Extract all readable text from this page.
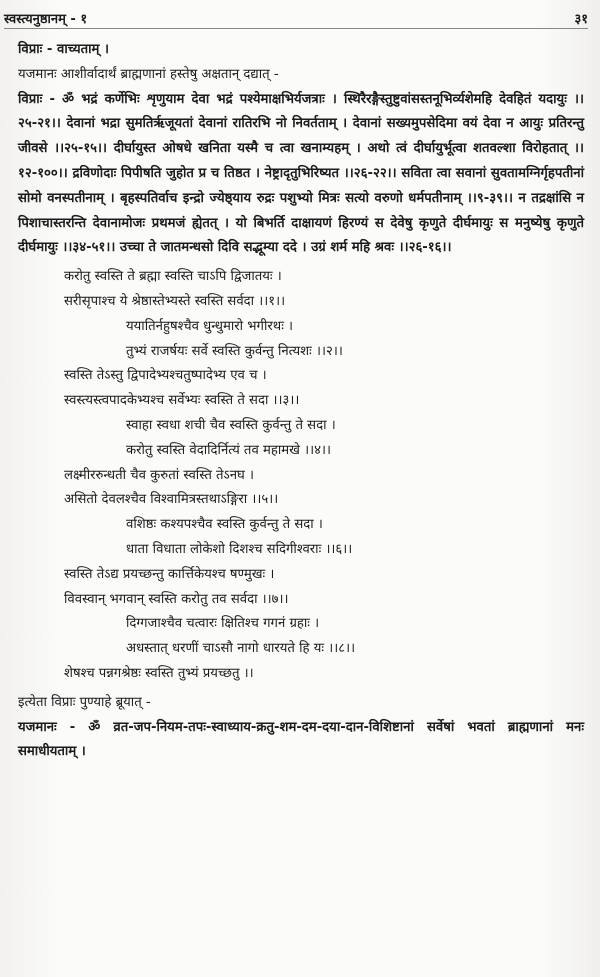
स्वस्त्यनुष्ठानम् - १	३१

विप्राः - वाच्यताम् ।

यजमानः आशीर्वादार्थं ब्राह्मणानां हस्तेषु अक्षतान् दद्यात् -

विप्राः - ॐ भद्रं कर्णेभिः शृणुयाम देवा भद्रं पश्येमाक्षभिर्यजत्राः । स्थिरैरङ्गैस्तुष्टुवांसस्तनूभिर्व्यशेमहि देवहितं यदायुः ।।२५-२१।। देवानां भद्रा सुमतिर्ऋजूयतां देवानां रातिरभि नो निवर्तताम् । देवानां सख्यमुपसेदिमा वयं देवा न आयुः प्रतिरन्तु जीवसे ।।२५-१५।। दीर्घायुस्त ओषधे खनिता यस्मै च त्वा खनाम्यहम् । अथो त्वं दीर्घायुर्भूत्वा शतवल्शा विरोहतात् ।।१२-१००।। द्रविणोदाः पिपीषति जुहोत प्र च तिष्ठत । नेष्ट्रादृतुभिरिष्यत ।।२६-२२।। सविता त्वा सवानां सुवतामग्निर्गृहपतीनां सोमो वनस्पतीनाम् । बृहस्पतिर्वाच इन्द्रो ज्येष्ठ्याय रुद्रः पशुभ्यो मित्रः सत्यो वरुणो धर्मपतीनाम् ।।९-३९।। न तद्रक्षांसि न पिशाचास्तरन्ति देवानामोजः प्रथमजं ह्येतत् । यो बिभर्ति दाक्षायणं हिरण्यं स देवेषु कृणुते दीर्घमायुः स मनुष्येषु कृणुते दीर्घमायुः ।।३४-५१।। उच्चा ते जातमन्धसो दिवि सद्भूम्या ददे । उग्रं शर्म महि श्रवः ।।२६-१६।।

करोतु स्वस्ति ते ब्रह्मा स्वस्ति चाऽपि द्विजातयः ।
सरीसृपाश्च ये श्रेष्ठास्तेभ्यस्ते स्वस्ति सर्वदा ।।१।।
ययातिर्नहुषश्चैव धुन्धुमारो भगीरथः ।
तुभ्यं राजर्षयः सर्वे स्वस्ति कुर्वन्तु नित्यशः ।।२।।
स्वस्ति तेऽस्तु द्विपादेभ्यश्चतुष्पादेभ्य एव च ।
स्वस्त्यस्त्वपादकेभ्यश्च सर्वेभ्यः स्वस्ति ते सदा ।।३।।
स्वाहा स्वधा शची चैव स्वस्ति कुर्वन्तु ते सदा ।
करोतु स्वस्ति वेदादिर्नित्यं तव महामखे ।।४।।
लक्ष्मीररुन्धती चैव कुरुतां स्वस्ति तेऽनघ ।
असितो देवलश्चैव विश्वामित्रस्तथाऽङ्गिरा ।।५।।
वशिष्ठः कश्यपश्चैव स्वस्ति कुर्वन्तु ते सदा ।
धाता विधाता लोकेशो दिशश्च सदिगीश्वराः ।।६।।
स्वस्ति तेऽद्य प्रयच्छन्तु कार्त्तिकेयश्च षण्मुखः ।
विवस्वान् भगवान् स्वस्ति करोतु तव सर्वदा ।।७।।
दिग्गजाश्चैव चत्वारः क्षितिश्च गगनं ग्रहाः ।
अधस्तात् धरणीं चाऽसौ नागो धारयते हि यः ।।८।।
शेषश्च पन्नगश्रेष्ठः स्वस्ति तुभ्यं प्रयच्छतु ।।

इत्येता विप्राः पुण्याहे ब्रूयात् -

यजमानः - ॐ व्रत-जप-नियम-तपः-स्वाध्याय-क्रतु-शम-दम-दया-दान-विशिष्टानां सर्वेषां भवतां ब्राह्मणानां मनः समाधीयताम् ।
